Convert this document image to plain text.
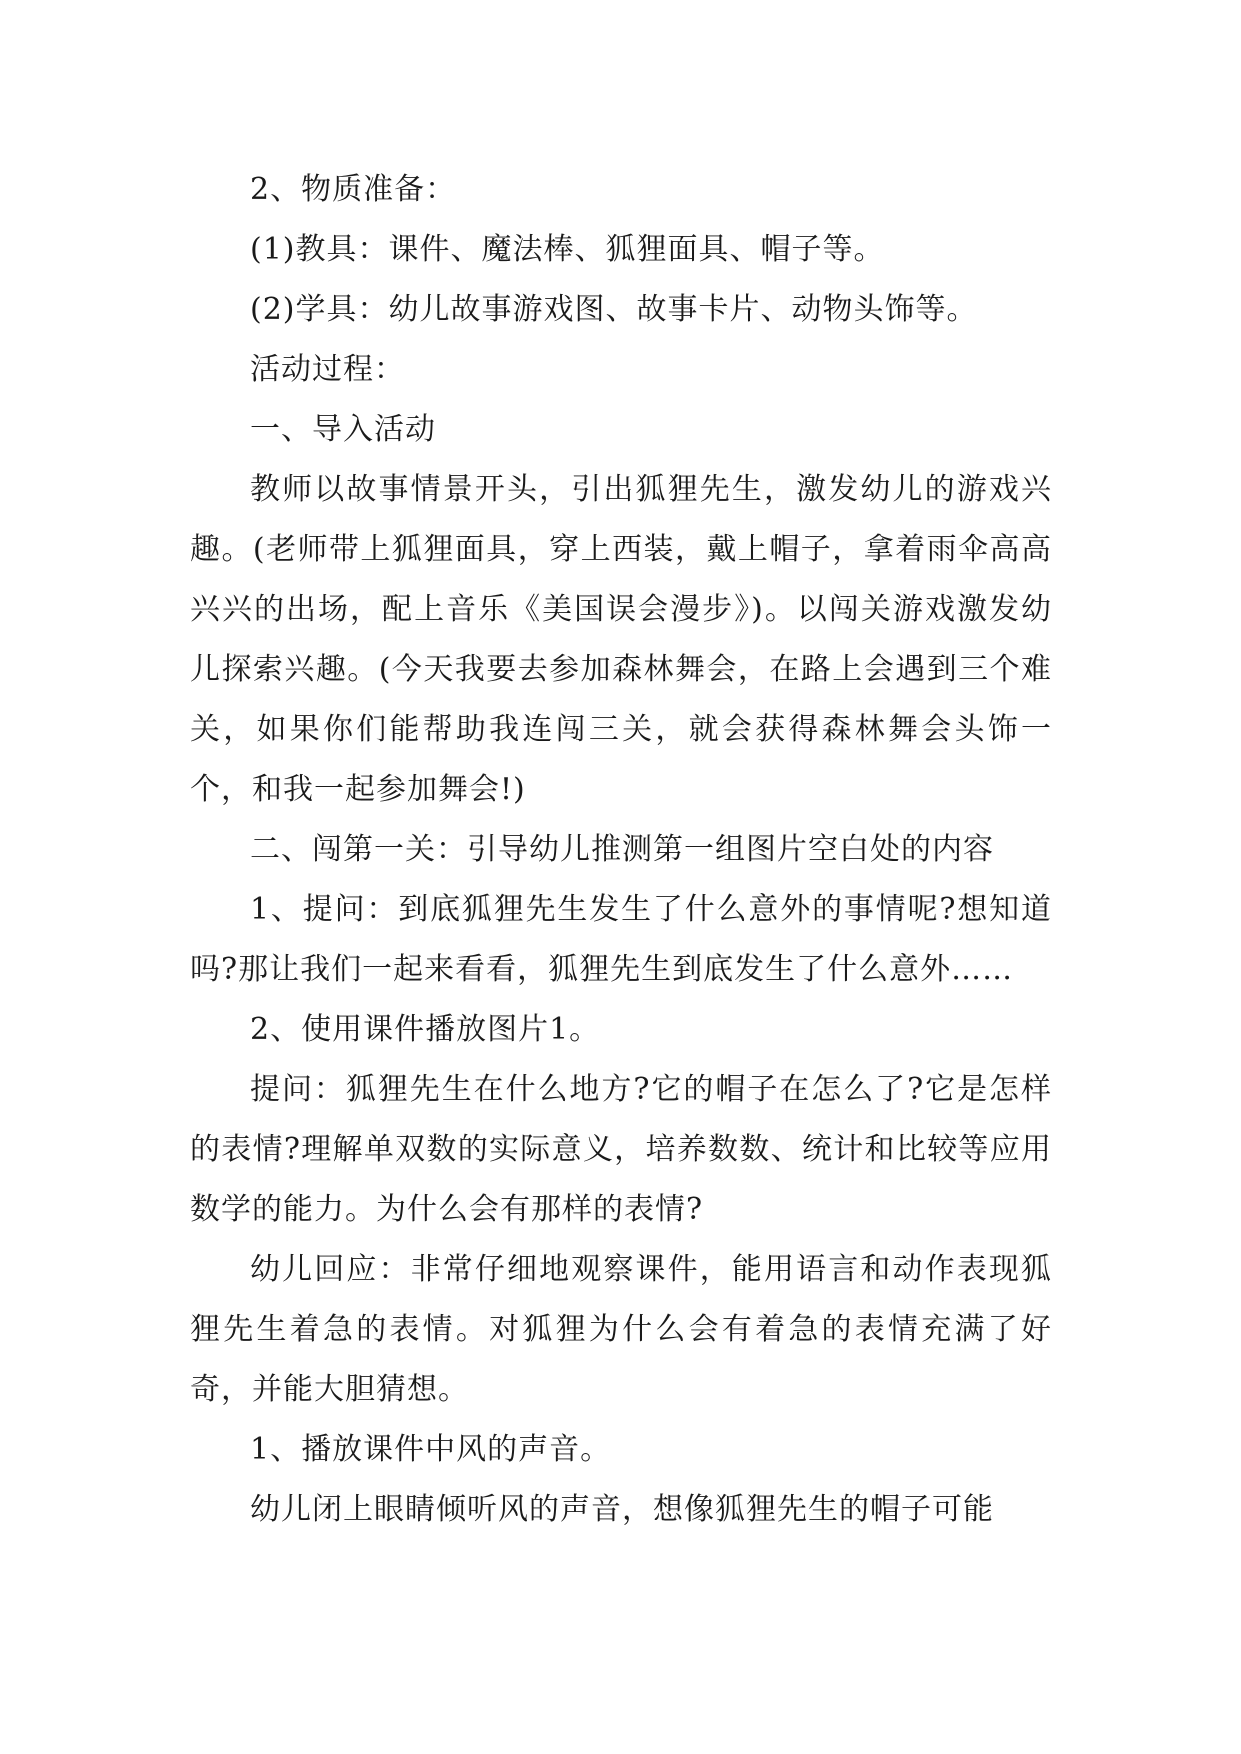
2、物质准备：

(1)教具：课件、魔法棒、狐狸面具、帽子等。

(2)学具：幼儿故事游戏图、故事卡片、动物头饰等。

活动过程：

一、导入活动

教师以故事情景开头，引出狐狸先生，激发幼儿的游戏兴趣。(老师带上狐狸面具，穿上西装，戴上帽子，拿着雨伞高高兴兴的出场，配上音乐《美国误会漫步》)。以闯关游戏激发幼儿探索兴趣。(今天我要去参加森林舞会，在路上会遇到三个难关，如果你们能帮助我连闯三关，就会获得森林舞会头饰一个，和我一起参加舞会!)

二、闯第一关：引导幼儿推测第一组图片空白处的内容

1、提问：到底狐狸先生发生了什么意外的事情呢?想知道吗?那让我们一起来看看，狐狸先生到底发生了什么意外……

2、使用课件播放图片1。

提问：狐狸先生在什么地方?它的帽子在怎么了?它是怎样的表情?理解单双数的实际意义，培养数数、统计和比较等应用数学的能力。为什么会有那样的表情?

幼儿回应：非常仔细地观察课件，能用语言和动作表现狐狸先生着急的表情。对狐狸为什么会有着急的表情充满了好奇，并能大胆猜想。

1、播放课件中风的声音。

幼儿闭上眼睛倾听风的声音，想像狐狸先生的帽子可能
